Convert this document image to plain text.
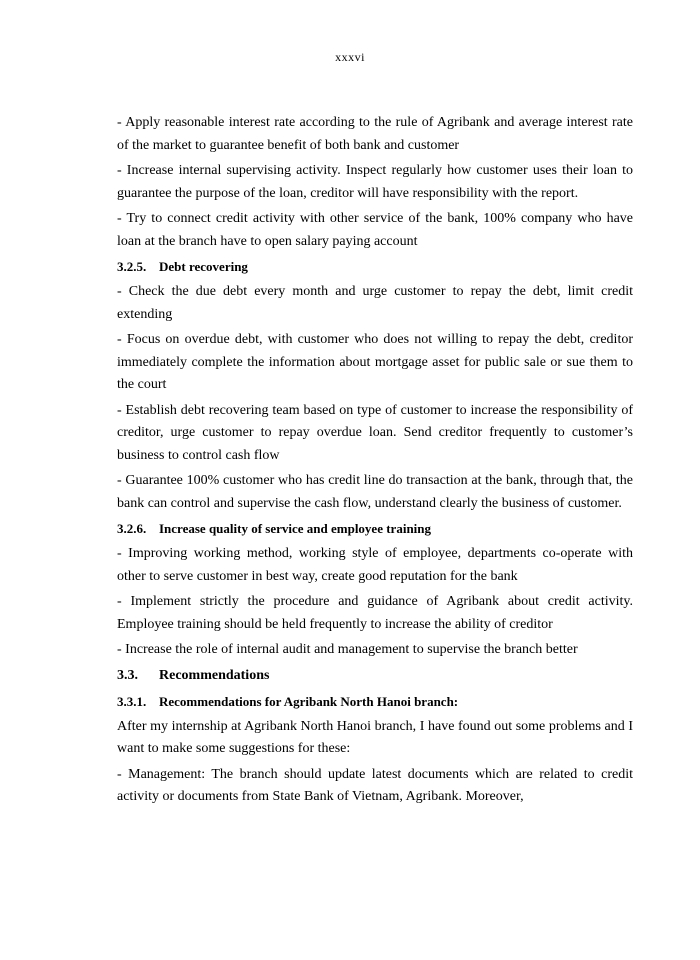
xxxvi

- Apply reasonable interest rate according to the rule of Agribank and average interest rate of the market to guarantee benefit of both bank and customer

- Increase internal supervising activity. Inspect regularly how customer uses their loan to guarantee the purpose of the loan, creditor will have responsibility with the report.

- Try to connect credit activity with other service of the bank, 100% company who have loan at the branch have to open salary paying account

3.2.5. Debt recovering

- Check the due debt every month and urge customer to repay the debt, limit credit extending

- Focus on overdue debt, with customer who does not willing to repay the debt, creditor immediately complete the information about mortgage asset for public sale or sue them to the court

- Establish debt recovering team based on type of customer to increase the responsibility of creditor, urge customer to repay overdue loan. Send creditor frequently to customer’s business to control cash flow

- Guarantee 100% customer who has credit line do transaction at the bank, through that, the bank can control and supervise the cash flow, understand clearly the business of customer.

3.2.6. Increase quality of service and employee training

- Improving working method, working style of employee, departments co-operate with other to serve customer in best way, create good reputation for the bank

- Implement strictly the procedure and guidance of Agribank about credit activity. Employee training should be held frequently to increase the ability of creditor

- Increase the role of internal audit and management to supervise the branch better

3.3. Recommendations
3.3.1. Recommendations for Agribank North Hanoi branch:

After my internship at Agribank North Hanoi branch, I have found out some problems and I want to make some suggestions for these:

- Management: The branch should update latest documents which are related to credit activity or documents from State Bank of Vietnam, Agribank. Moreover,
